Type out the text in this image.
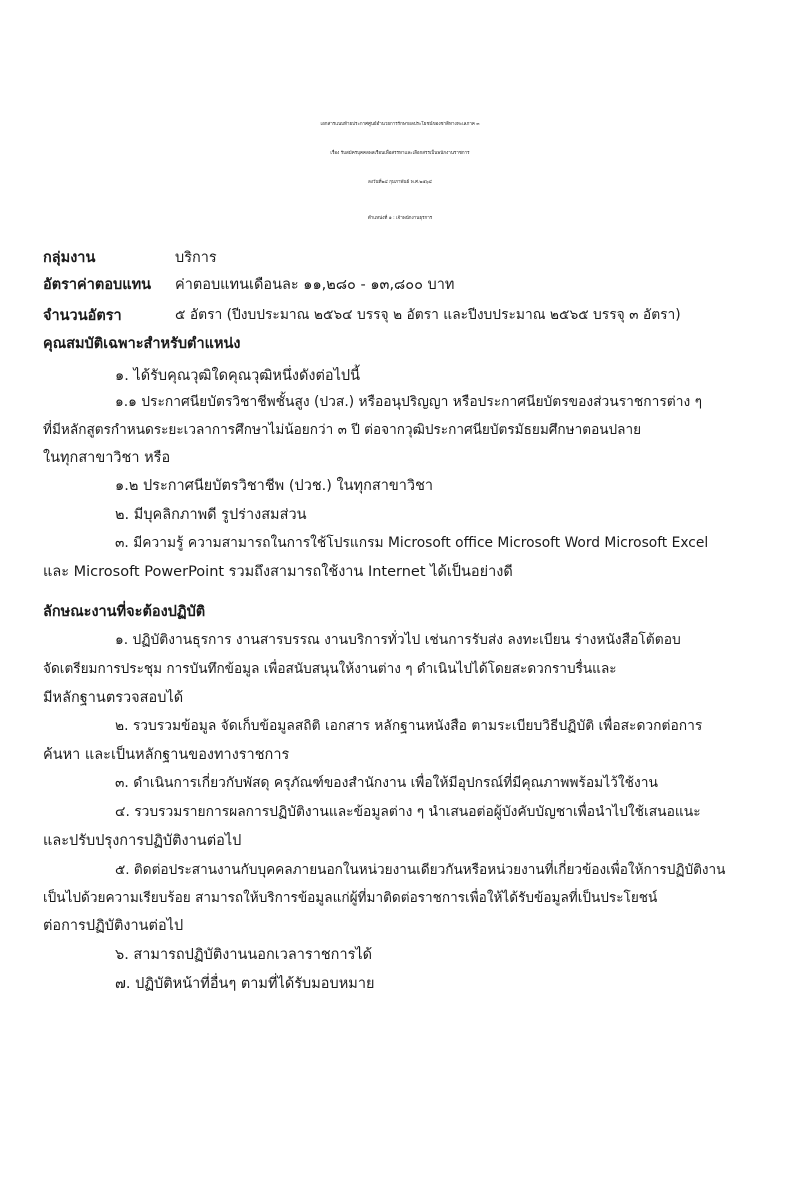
เอกสารแนบท้ายประกาศศูนย์อำนวยการรักษาผลประโยชน์ของชาติทางทะเลภาค ๓
เรื่อง รับสมัครบุคคลพลเรือนเพื่อสรรหาและเลือกสรรเป็นพนักงานราชการ
ลงวันที่๒๔ กุมภาพันธ์ พ.ศ.๒๕๖๔
ตำแหน่งที่ ๑ : เจ้าพนักงานธุรการ
กลุ่มงาน	บริการ
อัตราค่าตอบแทน ค่าตอบแทนเดือนละ ๑๑,๒๘๐ - ๑๓,๘๐๐ บาท
จำนวนอัตรา	๕ อัตรา (ปีงบประมาณ ๒๕๖๔ บรรจุ ๒ อัตรา และปีงบประมาณ ๒๕๖๕ บรรจุ ๓ อัตรา)
คุณสมบัติเฉพาะสำหรับตำแหน่ง
๑. ได้รับคุณวุฒิใดคุณวุฒิหนึ่งดังต่อไปนี้
๑.๑ ประกาศนียบัตรวิชาชีพชั้นสูง (ปวส.) หรืออนุปริญญา หรือประกาศนียบัตรของส่วนราชการต่าง ๆ
ที่มีหลักสูตรกำหนดระยะเวลาการศึกษาไม่น้อยกว่า ๓ ปี ต่อจากวุฒิประกาศนียบัตรมัธยมศึกษาตอนปลาย
ในทุกสาขาวิชา หรือ
๑.๒ ประกาศนียบัตรวิชาชีพ (ปวช.) ในทุกสาขาวิชา
๒. มีบุคลิกภาพดี รูปร่างสมส่วน
๓. มีความรู้ ความสามารถในการใช้โปรแกรม Microsoft office Microsoft Word Microsoft Excel
และ Microsoft PowerPoint รวมถึงสามารถใช้งาน Internet ได้เป็นอย่างดี
ลักษณะงานที่จะต้องปฏิบัติ
๑. ปฏิบัติงานธุรการ งานสารบรรณ งานบริการทั่วไป เช่นการรับส่ง ลงทะเบียน ร่างหนังสือโต้ตอบ
จัดเตรียมการประชุม การบันทึกข้อมูล เพื่อสนับสนุนให้งานต่าง ๆ ดำเนินไปได้โดยสะดวกราบรื่นและ
มีหลักฐานตรวจสอบได้
๒. รวบรวมข้อมูล จัดเก็บข้อมูลสถิติ เอกสาร หลักฐานหนังสือ ตามระเบียบวิธีปฏิบัติ เพื่อสะดวกต่อการ
ค้นหา และเป็นหลักฐานของทางราชการ
๓. ดำเนินการเกี่ยวกับพัสดุ ครุภัณฑ์ของสำนักงาน เพื่อให้มีอุปกรณ์ที่มีคุณภาพพร้อมไว้ใช้งาน
๔. รวบรวมรายการผลการปฏิบัติงานและข้อมูลต่าง ๆ นำเสนอต่อผู้บังคับบัญชาเพื่อนำไปใช้เสนอแนะ
และปรับปรุงการปฏิบัติงานต่อไป
๕. ติดต่อประสานงานกับบุคคลภายนอกในหน่วยงานเดียวกันหรือหน่วยงานที่เกี่ยวข้องเพื่อให้การปฏิบัติงาน
เป็นไปด้วยความเรียบร้อย สามารถให้บริการข้อมูลแก่ผู้ที่มาติดต่อราชการเพื่อให้ได้รับข้อมูลที่เป็นประโยชน์
ต่อการปฏิบัติงานต่อไป
๖. สามารถปฏิบัติงานนอกเวลาราชการได้
๗. ปฏิบัติหน้าที่อื่นๆ ตามที่ได้รับมอบหมาย
